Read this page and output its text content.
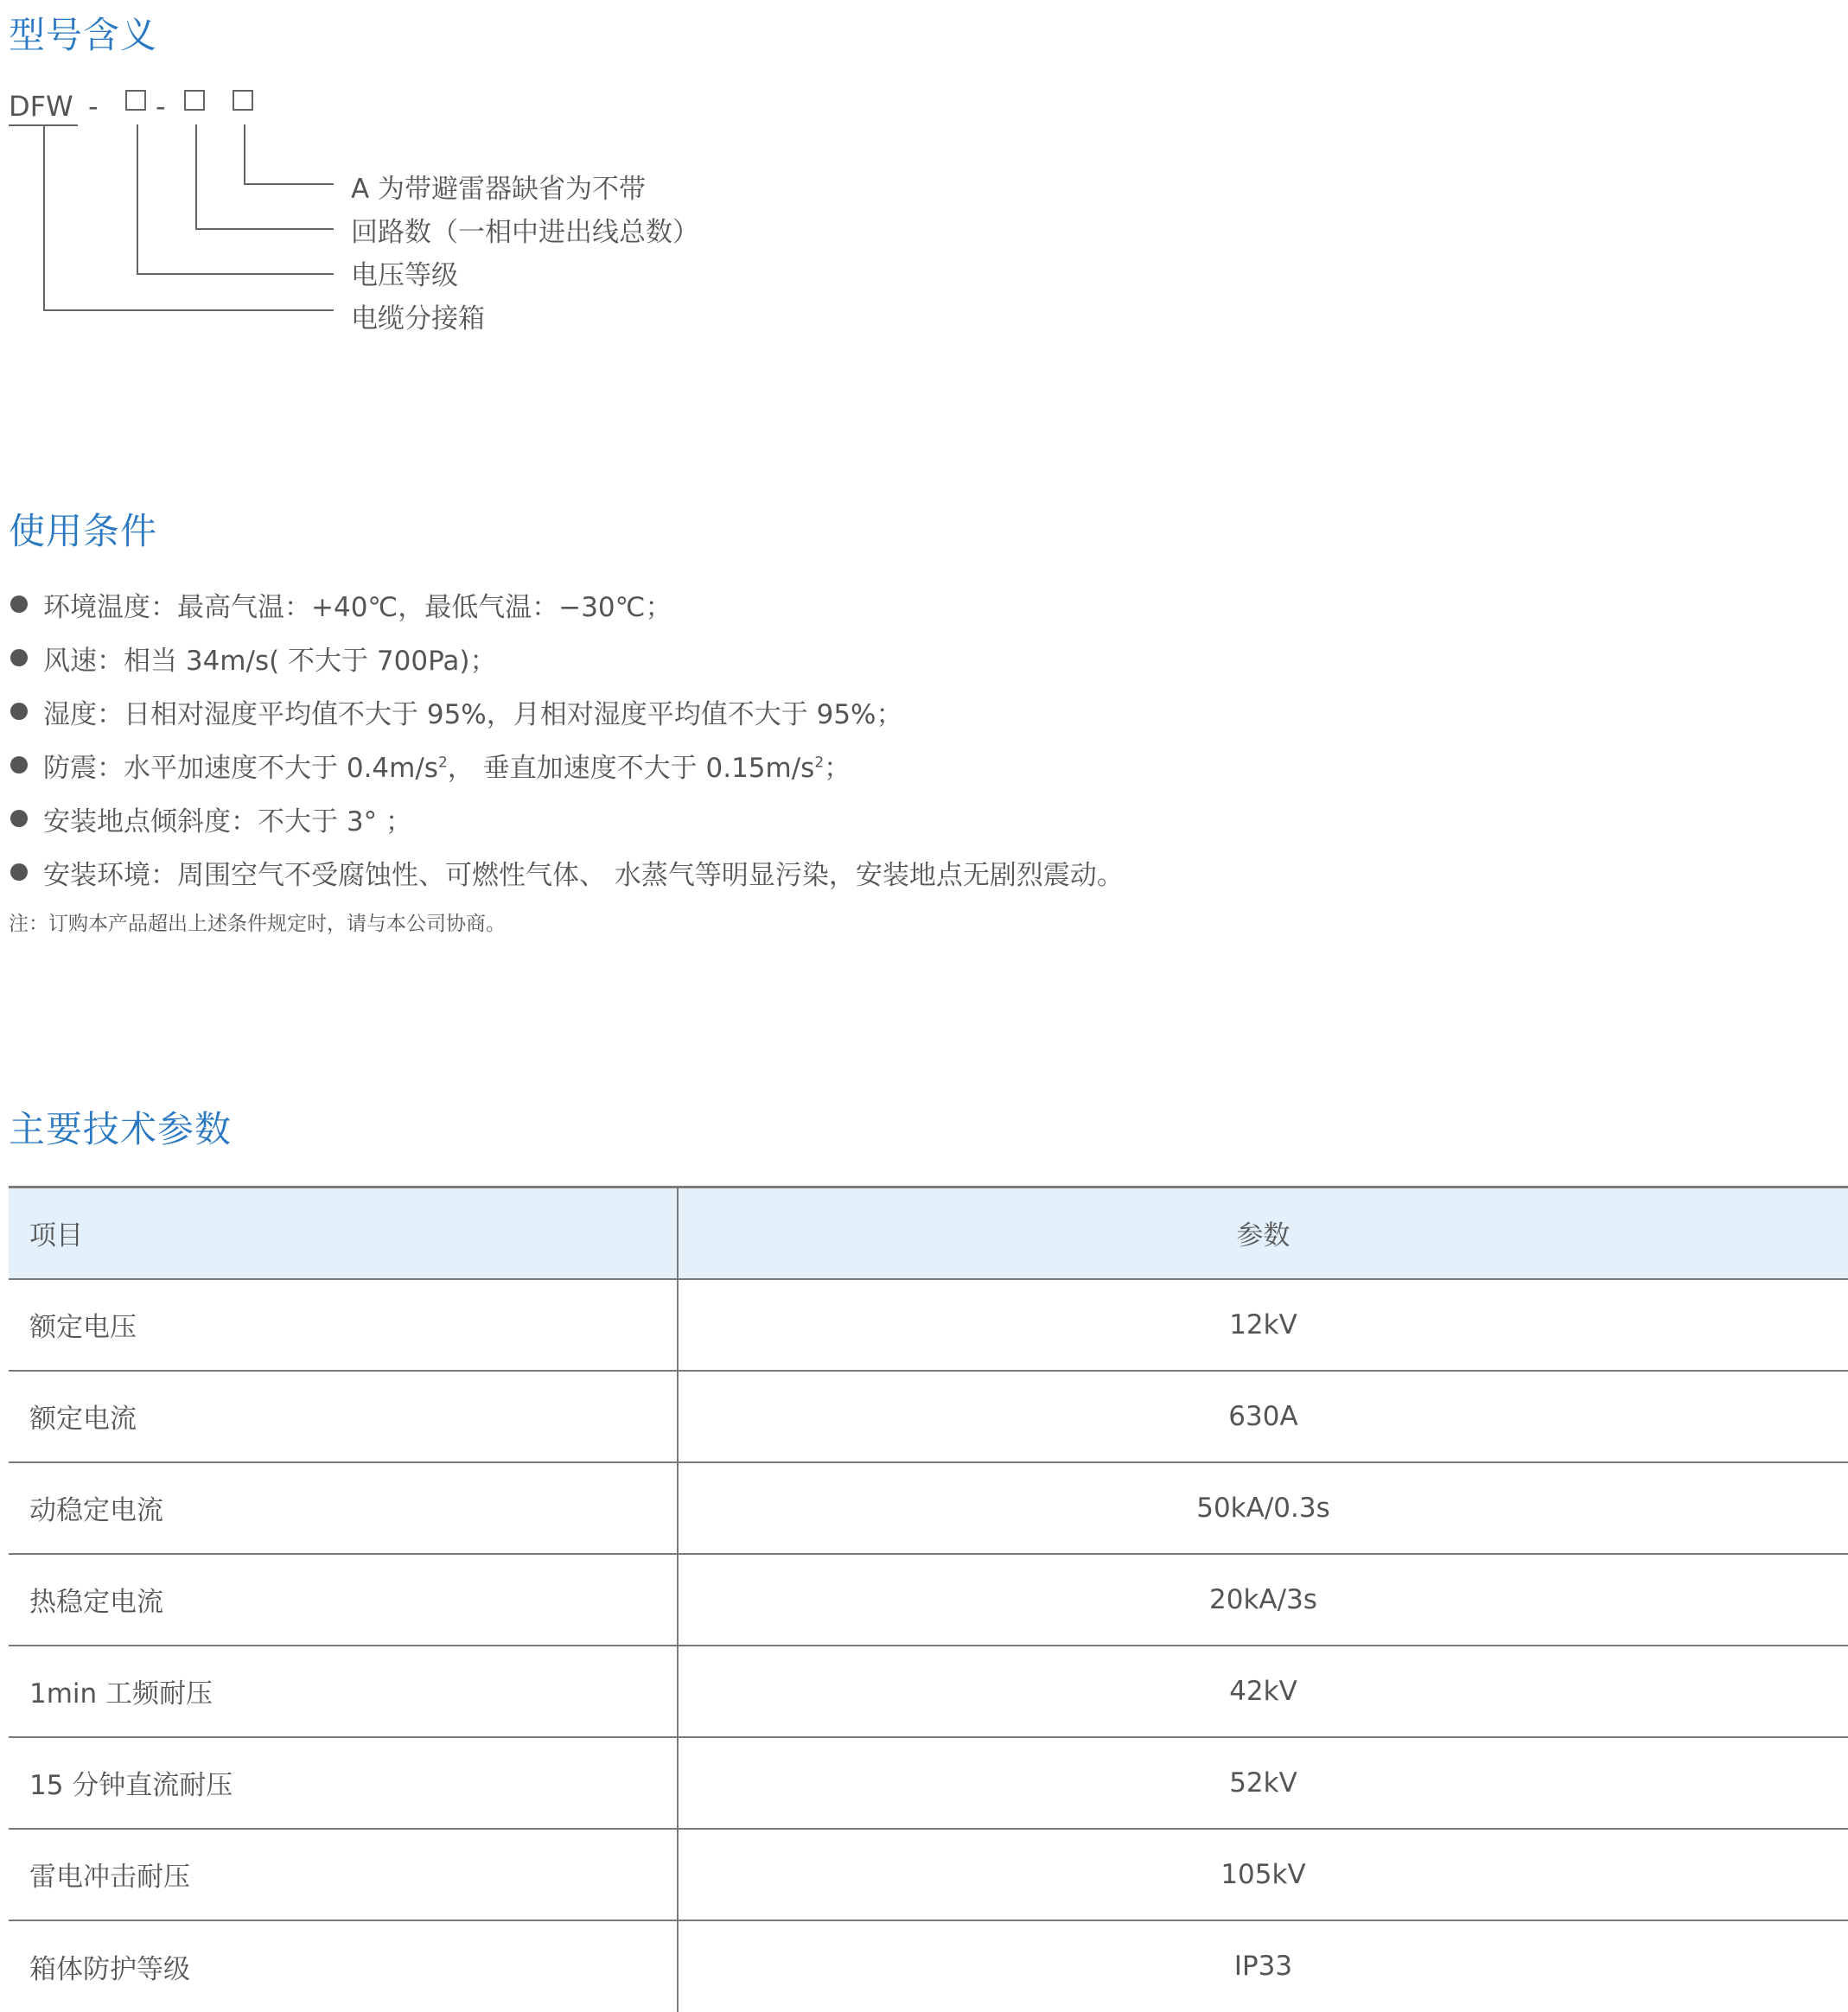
型号含义
DFW - -
A 为带避雷器缺省为不带
回路数（一相中进出线总数）
电压等级
电缆分接箱
使用条件
环境温度：最高气温：+40℃，最低气温：−30℃；
风速：相当 34m/s( 不大于 700Pa)；
湿度：日相对湿度平均值不大于 95%，月相对湿度平均值不大于 95%；
防震：水平加速度不大于 $0.4m/s^2$， 垂直加速度不大于 $0.15m/s^2$；
安装地点倾斜度：不大于 3° ；
安装环境：周围空气不受腐蚀性、可燃性气体、 水蒸气等明显污染，安装地点无剧烈震动。
注：订购本产品超出上述条件规定时，请与本公司协商。
主要技术参数
项目	参数
额定电压	12kV
额定电流	630A
动稳定电流	50kA/0.3s
热稳定电流	20kA/3s
1min 工频耐压	42kV
15 分钟直流耐压	52kV
雷电冲击耐压	105kV
箱体防护等级	IP33
